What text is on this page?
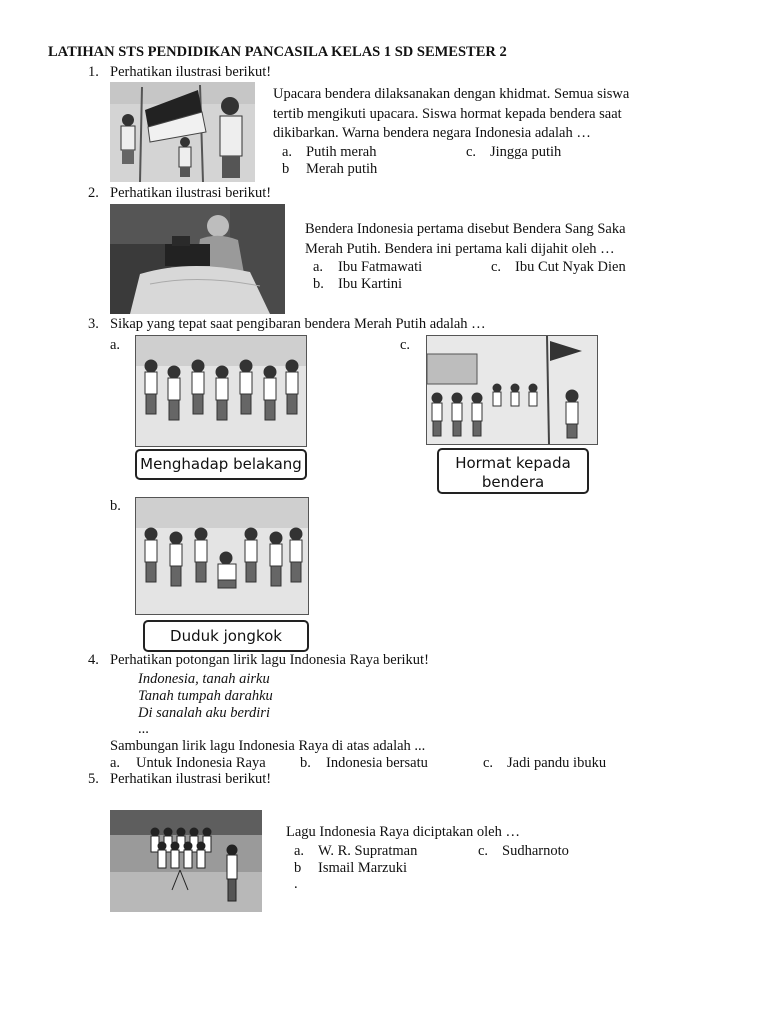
LATIHAN STS PENDIDIKAN PANCASILA KELAS 1 SD SEMESTER 2
1. Perhatikan ilustrasi berikut!
Upacara bendera dilaksanakan dengan khidmat. Semua siswa tertib mengikuti upacara. Siswa hormat kepada bendera saat dikibarkan. Warna bendera negara Indonesia adalah …
a. Putih merah	c. Jingga putih
b Merah putih
2. Perhatikan ilustrasi berikut!
Bendera Indonesia pertama disebut Bendera Sang Saka Merah Putih. Bendera ini pertama kali dijahit oleh …
a. Ibu Fatmawati	c. Ibu Cut Nyak Dien
b. Ibu Kartini
3. Sikap yang tepat saat pengibaran bendera Merah Putih adalah …
a.
Menghadap belakang
c.
Hormat kepada
bendera
b.
Duduk jongkok
4. Perhatikan potongan lirik lagu Indonesia Raya berikut!
Indonesia, tanah airku
Tanah tumpah darahku
Di sanalah aku berdiri
...
Sambungan lirik lagu Indonesia Raya di atas adalah ...
a. Untuk Indonesia Raya b. Indonesia bersatu	c. Jadi pandu ibuku
5. Perhatikan ilustrasi berikut!
Lagu Indonesia Raya diciptakan oleh …
a. W. R. Supratman	c. Sudharnoto
b Ismail Marzuki
.
